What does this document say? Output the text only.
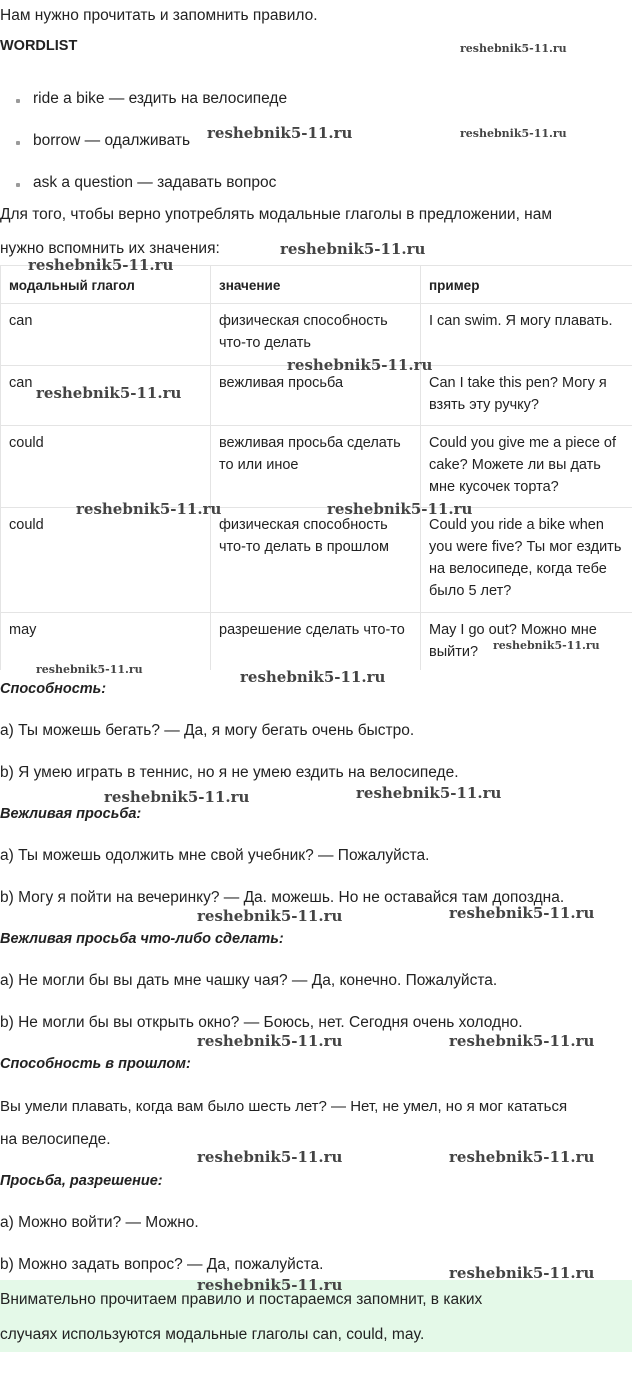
Нам нужно прочитать и запомнить правило.
WORDLIST
ride a bike — ездить на велосипеде
borrow — одалживать
ask a question — задавать вопрос
Для того, чтобы верно употреблять модальные глаголы в предложении, нам
нужно вспомнить их значения:
модальный глагол	значение	пример
can	физическая способность что-то делать	I can swim. Я могу плавать.
can	вежливая просьба	Can I take this pen? Могу я взять эту ручку?
could	вежливая просьба сделать то или иное	Could you give me a piece of cake? Можете ли вы дать мне кусочек торта?
could	физическая способность что-то делать в прошлом	Could you ride a bike when you were five? Ты мог ездить на велосипеде, когда тебе было 5 лет?
may	разрешение сделать что-то	May I go out? Можно мне выйти?
Способность:
a) Ты можешь бегать? — Да, я могу бегать очень быстро.
b) Я умею играть в теннис, но я не умею ездить на велосипеде.
Вежливая просьба:
a) Ты можешь одолжить мне свой учебник? — Пожалуйста.
b) Могу я пойти на вечеринку? — Да. можешь. Но не оставайся там допоздна.
Вежливая просьба что-либо сделать:
a) Не могли бы вы дать мне чашку чая? — Да, конечно. Пожалуйста.
b) Не могли бы вы открыть окно? — Боюсь, нет. Сегодня очень холодно.
Способность в прошлом:
Вы умели плавать, когда вам было шесть лет? — Нет, не умел, но я мог кататься
на велосипеде.
Просьба, разрешение:
a) Можно войти? — Можно.
b) Можно задать вопрос? — Да, пожалуйста.
Внимательно прочитаем правило и постараемся запомнит, в каких
случаях используются модальные глаголы can, could, may.
reshebnik5-11.ru
reshebnik5-11.ru	reshebnik5-11.ru
reshebnik5-11.ru
reshebnik5-11.ru
reshebnik5-11.ru
reshebnik5-11.ru
reshebnik5-11.ru	reshebnik5-11.ru
reshebnik5-11.ru
reshebnik5-11.ru	reshebnik5-11.ru
reshebnik5-11.ru	reshebnik5-11.ru
reshebnik5-11.ru	reshebnik5-11.ru
reshebnik5-11.ru	reshebnik5-11.ru
reshebnik5-11.ru	reshebnik5-11.ru
reshebnik5-11.ru
reshebnik5-11.ru
